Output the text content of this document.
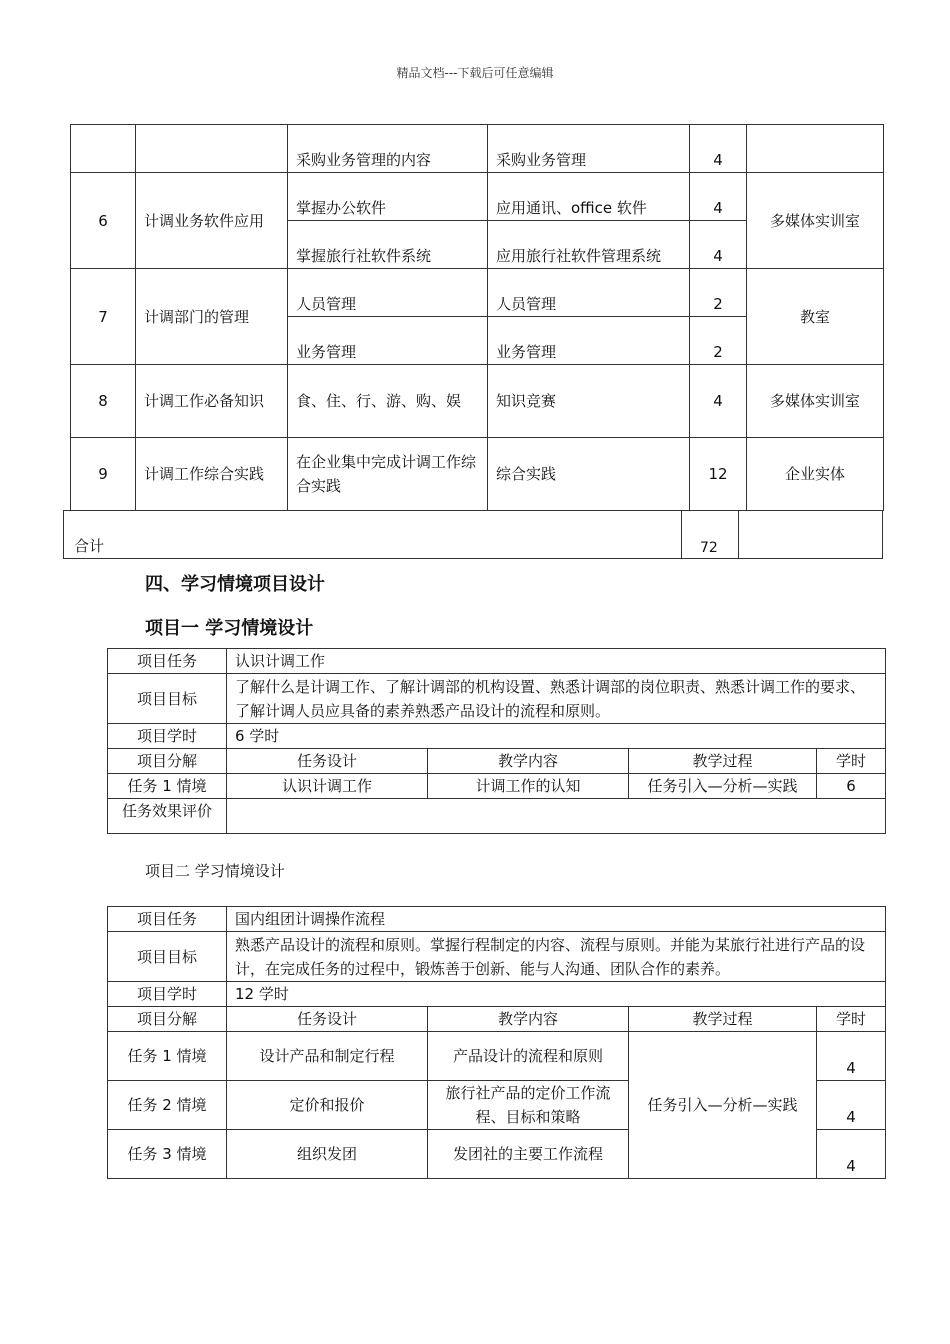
精品文档---下载后可任意编辑
		采购业务管理的内容	采购业务管理	4	
6	计调业务软件应用	掌握办公软件	应用通讯、office 软件	4	多媒体实训室
		掌握旅行社软件系统	应用旅行社软件管理系统	4	
7	计调部门的管理	人员管理	人员管理	2	教室
		业务管理	业务管理	2	
8	计调工作必备知识	食、住、行、游、购、娱	知识竞赛	4	多媒体实训室
9	计调工作综合实践	在企业集中完成计调工作综合实践	综合实践	12	企业实体
合计	72
四、学习情境项目设计
项目一 学习情境设计
项目任务	认识计调工作			
项目目标	了解什么是计调工作、了解计调部的机构设置、熟悉计调部的岗位职责、熟悉计调工作的要求、了解计调人员应具备的素养熟悉产品设计的流程和原则。			
项目学时	6 学时			
项目分解	任务设计	教学内容	教学过程	学时
任务 1 情境	认识计调工作	计调工作的认知	任务引入—分析—实践	6
任务效果评价				
项目二 学习情境设计
项目任务	国内组团计调操作流程			
项目目标	熟悉产品设计的流程和原则。掌握行程制定的内容、流程与原则。并能为某旅行社进行产品的设计，在完成任务的过程中，锻炼善于创新、能与人沟通、团队合作的素养。			
项目学时	12 学时			
项目分解	任务设计	教学内容	教学过程	学时
任务 1 情境	设计产品和制定行程	产品设计的流程和原则	任务引入—分析—实践	4
任务 2 情境	定价和报价	旅行社产品的定价工作流程、目标和策略		4
任务 3 情境	组织发团	发团社的主要工作流程		4
